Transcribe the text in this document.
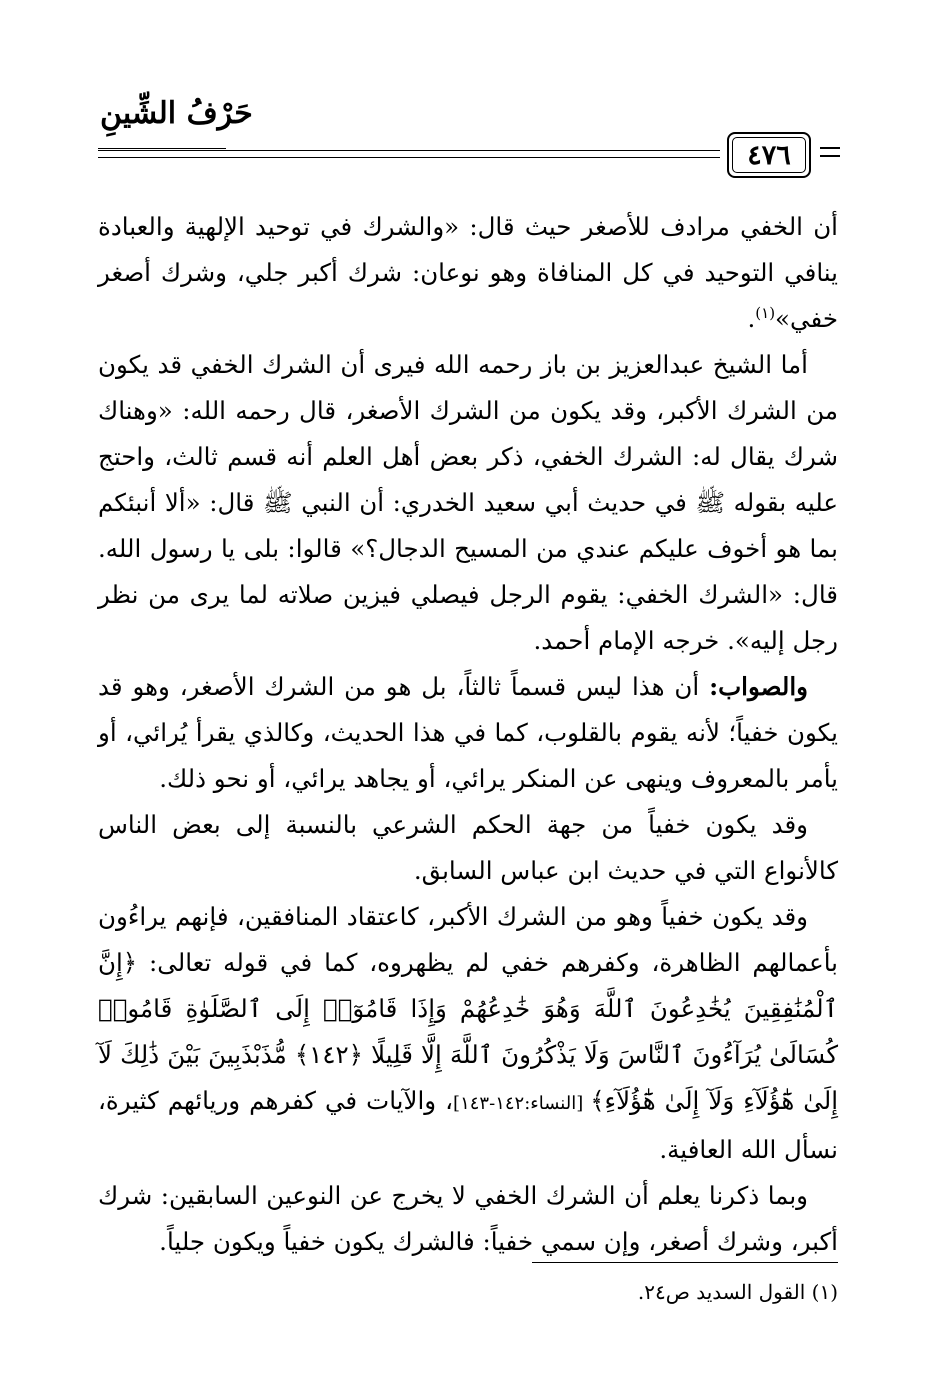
حَرْفُ الشِّينِ
٤٧٦

أن الخفي مرادف للأصغر حيث قال: «والشرك في توحيد الإلهية والعبادة ينافي التوحيد في كل المنافاة وهو نوعان: شرك أكبر جلي، وشرك أصغر خفي»$^{(١)}$.

أما الشيخ عبدالعزيز بن باز رحمه الله فيرى أن الشرك الخفي قد يكون من الشرك الأكبر، وقد يكون من الشرك الأصغر، قال رحمه الله: «وهناك شرك يقال له: الشرك الخفي، ذكر بعض أهل العلم أنه قسم ثالث، واحتج عليه بقوله ﷺ في حديث أبي سعيد الخدري: أن النبي ﷺ قال: «ألا أنبئكم بما هو أخوف عليكم عندي من المسيح الدجال؟» قالوا: بلى يا رسول الله. قال: «الشرك الخفي: يقوم الرجل فيصلي فيزين صلاته لما يرى من نظر رجل إليه». خرجه الإمام أحمد.

والصواب: أن هذا ليس قسماً ثالثاً، بل هو من الشرك الأصغر، وهو قد يكون خفياً؛ لأنه يقوم بالقلوب، كما في هذا الحديث، وكالذي يقرأ يُرائي، أو يأمر بالمعروف وينهى عن المنكر يرائي، أو يجاهد يرائي، أو نحو ذلك.

وقد يكون خفياً من جهة الحكم الشرعي بالنسبة إلى بعض الناس كالأنواع التي في حديث ابن عباس السابق.

وقد يكون خفياً وهو من الشرك الأكبر، كاعتقاد المنافقين، فإنهم يراءُون بأعمالهم الظاهرة، وكفرهم خفي لم يظهروه، كما في قوله تعالى: ﴿إِنَّ ٱلْمُنَٰفِقِينَ يُخَٰدِعُونَ ٱللَّهَ وَهُوَ خَٰدِعُهُمْ وَإِذَا قَامُوٓا۟ إِلَى ٱلصَّلَوٰةِ قَامُوا۟ كُسَالَىٰ يُرَآءُونَ ٱلنَّاسَ وَلَا يَذْكُرُونَ ٱللَّهَ إِلَّا قَلِيلًا ﴿١٤٢﴾ مُّذَبْذَبِينَ بَيْنَ ذَٰلِكَ لَآ إِلَىٰ هَٰٓؤُلَآءِ وَلَآ إِلَىٰ هَٰٓؤُلَآءِ﴾ [النساء:١٤٢-١٤٣]، والآيات في كفرهم وريائهم كثيرة، نسأل الله العافية.

وبما ذكرنا يعلم أن الشرك الخفي لا يخرج عن النوعين السابقين: شرك أكبر، وشرك أصغر، وإن سمي خفياً: فالشرك يكون خفياً ويكون جلياً.

(١) القول السديد ص٢٤.
